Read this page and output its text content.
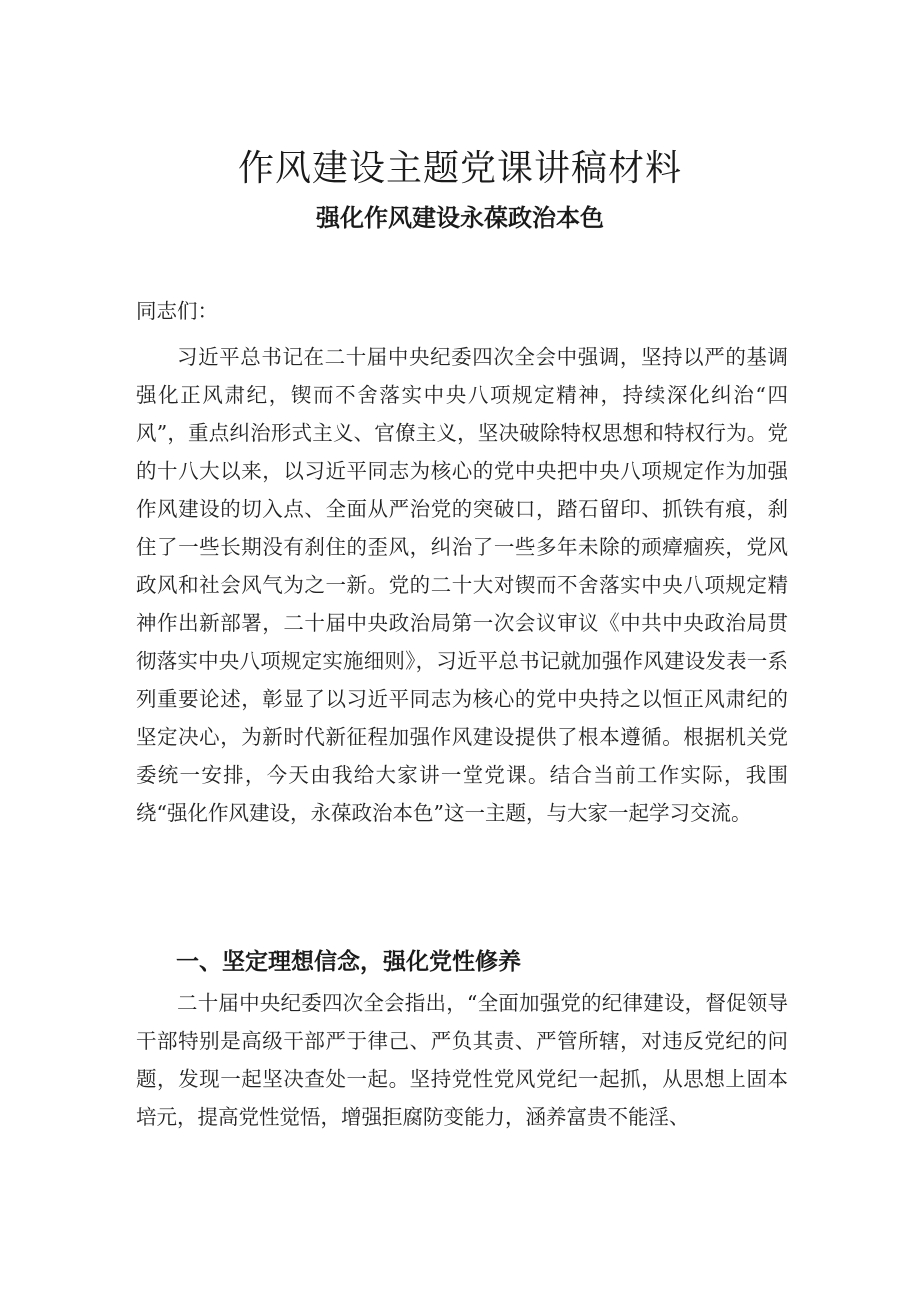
作风建设主题党课讲稿材料
强化作风建设永葆政治本色

同志们：

习近平总书记在二十届中央纪委四次全会中强调，坚持以严的基调强化正风肃纪，锲而不舍落实中央八项规定精神，持续深化纠治“四风”，重点纠治形式主义、官僚主义，坚决破除特权思想和特权行为。党的十八大以来，以习近平同志为核心的党中央把中央八项规定作为加强作风建设的切入点、全面从严治党的突破口，踏石留印、抓铁有痕，刹住了一些长期没有刹住的歪风，纠治了一些多年未除的顽瘴痼疾，党风政风和社会风气为之一新。党的二十大对锲而不舍落实中央八项规定精神作出新部署，二十届中央政治局第一次会议审议《中共中央政治局贯彻落实中央八项规定实施细则》，习近平总书记就加强作风建设发表一系列重要论述，彰显了以习近平同志为核心的党中央持之以恒正风肃纪的坚定决心，为新时代新征程加强作风建设提供了根本遵循。根据机关党委统一安排，今天由我给大家讲一堂党课。结合当前工作实际，我围绕“强化作风建设，永葆政治本色”这一主题，与大家一起学习交流。

一、坚定理想信念，强化党性修养

二十届中央纪委四次全会指出，“全面加强党的纪律建设，督促领导干部特别是高级干部严于律己、严负其责、严管所辖，对违反党纪的问题，发现一起坚决查处一起。坚持党性党风党纪一起抓，从思想上固本培元，提高党性觉悟，增强拒腐防变能力，涵养富贵不能淫、
